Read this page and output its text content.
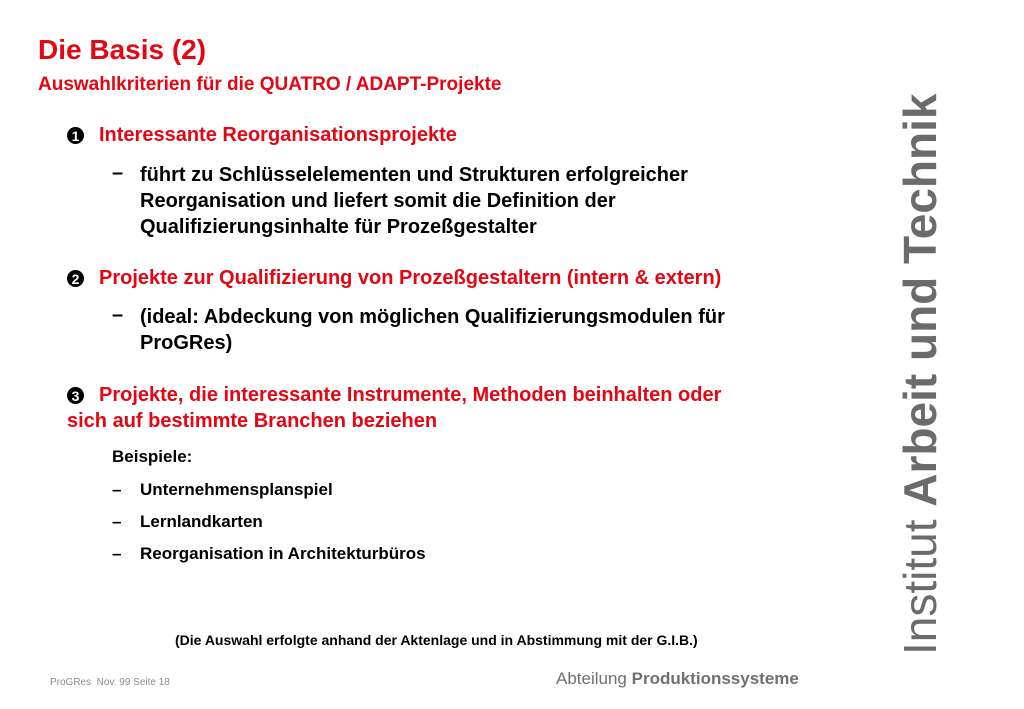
Die Basis (2)
Auswahlkriterien für die QUATRO / ADAPT-Projekte
1 Interessante Reorganisationsprojekte
– führt zu Schlüsselelementen und Strukturen erfolgreicher
Reorganisation und liefert somit die Definition der
Qualifizierungsinhalte für Prozeßgestalter
2 Projekte zur Qualifizierung von Prozeßgestaltern (intern & extern)
– (ideal: Abdeckung von möglichen Qualifizierungsmodulen für
ProGRes)
3 Projekte, die interessante Instrumente, Methoden beinhalten oder
sich auf bestimmte Branchen beziehen
Beispiele:
– Unternehmensplanspiel
– Lernlandkarten
– Reorganisation in Architekturbüros
(Die Auswahl erfolgte anhand der Aktenlage und in Abstimmung mit der G.I.B.)	Institut Arbeit und Technik
ProGRes  Nov. 99 Seite 18	Abteilung Produktionssysteme
